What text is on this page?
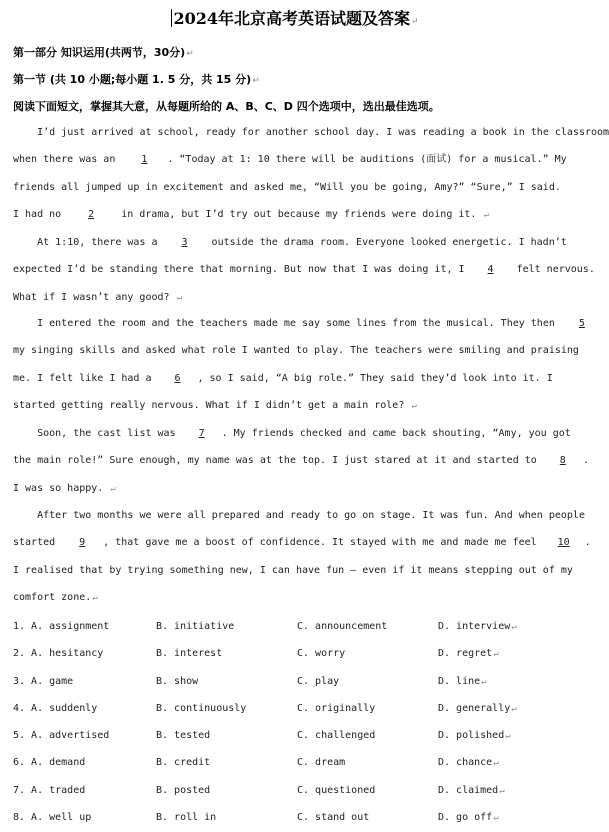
2024年北京高考英语试题及答案↵
第一部分 知识运用(共两节，30分)↵
第一节 (共 10 小题;每小题 1. 5 分，共 15 分)↵
阅读下面短文，掌握其大意，从每题所给的 A、B、C、D 四个选项中，选出最佳选项。
I’d just arrived at school, ready for another school day. I was reading a book in the classroom
when there was an 1 . “Today at 1: 10 there will be auditions (面试) for a musical.” My
friends all jumped up in excitement and asked me, “Will you be going, Amy?” “Sure,” I said.
I had no 2 in drama, but I’d try out because my friends were doing it. ↵
At 1:10, there was a 3 outside the drama room. Everyone looked energetic. I hadn’t
expected I’d be standing there that morning. But now that I was doing it, I 4 felt nervous.
What if I wasn’t any good? ↵
I entered the room and the teachers made me say some lines from the musical. They then 5
my singing skills and asked what role I wanted to play. The teachers were smiling and praising
me. I felt like I had a 6 , so I said, “A big role.” They said they’d look into it. I
started getting really nervous. What if I didn’t get a main role? ↵
Soon, the cast list was 7 . My friends checked and came back shouting, “Amy, you got
the main role!” Sure enough, my name was at the top. I just stared at it and started to 8 .
I was so happy. ↵
After two months we were all prepared and ready to go on stage. It was fun. And when people
started 9 , that gave me a boost of confidence. It stayed with me and made me feel 10 .
I realised that by trying something new, I can have fun — even if it means stepping out of my
comfort zone.↵
1. A. assignment	B. initiative	C. announcement	D. interview↵
2. A. hesitancy	B. interest	C. worry	D. regret↵
3. A. game	B. show	C. play	D. line↵
4. A. suddenly	B. continuously	C. originally	D. generally↵
5. A. advertised	B. tested	C. challenged	D. polished↵
6. A. demand	B. credit	C. dream	D. chance↵
7. A. traded	B. posted	C. questioned	D. claimed↵
8. A. well up	B. roll in	C. stand out	D. go off↵
